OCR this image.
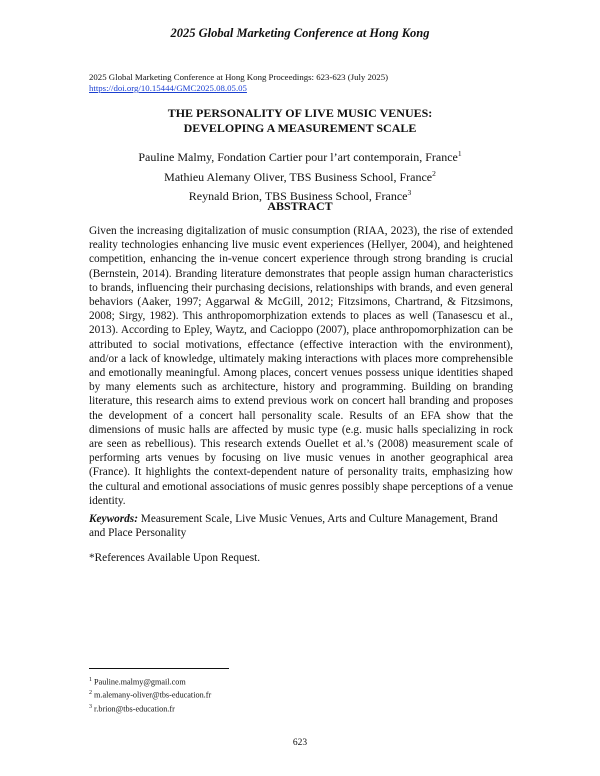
2025 Global Marketing Conference at Hong Kong
2025 Global Marketing Conference at Hong Kong Proceedings: 623-623 (July 2025)
https://doi.org/10.15444/GMC2025.08.05.05
THE PERSONALITY OF LIVE MUSIC VENUES:
DEVELOPING A MEASUREMENT SCALE
Pauline Malmy, Fondation Cartier pour l’art contemporain, France$^1$
Mathieu Alemany Oliver, TBS Business School, France$^2$
Reynald Brion, TBS Business School, France$^3$
ABSTRACT
Given the increasing digitalization of music consumption (RIAA, 2023), the rise of extended reality technologies enhancing live music event experiences (Hellyer, 2004), and heightened competition, enhancing the in-venue concert experience through strong branding is crucial (Bernstein, 2014). Branding literature demonstrates that people assign human characteristics to brands, influencing their purchasing decisions, relationships with brands, and even general behaviors (Aaker, 1997; Aggarwal & McGill, 2012; Fitzsimons, Chartrand, & Fitzsimons, 2008; Sirgy, 1982). This anthropomorphization extends to places as well (Tanasescu et al., 2013). According to Epley, Waytz, and Cacioppo (2007), place anthropomorphization can be attributed to social motivations, effectance (effective interaction with the environment), and/or a lack of knowledge, ultimately making interactions with places more comprehensible and emotionally meaningful. Among places, concert venues possess unique identities shaped by many elements such as architecture, history and programming. Building on branding literature, this research aims to extend previous work on concert hall branding and proposes the development of a concert hall personality scale. Results of an EFA show that the dimensions of music halls are affected by music type (e.g. music halls specializing in rock are seen as rebellious). This research extends Ouellet et al.’s (2008) measurement scale of performing arts venues by focusing on live music venues in another geographical area (France). It highlights the context-dependent nature of personality traits, emphasizing how the cultural and emotional associations of music genres possibly shape perceptions of a venue identity.
Keywords: Measurement Scale, Live Music Venues, Arts and Culture Management, Brand and Place Personality
*References Available Upon Request.
$^1$ Pauline.malmy@gmail.com
$^2$ m.alemany-oliver@tbs-education.fr
$^3$ r.brion@tbs-education.fr
623
